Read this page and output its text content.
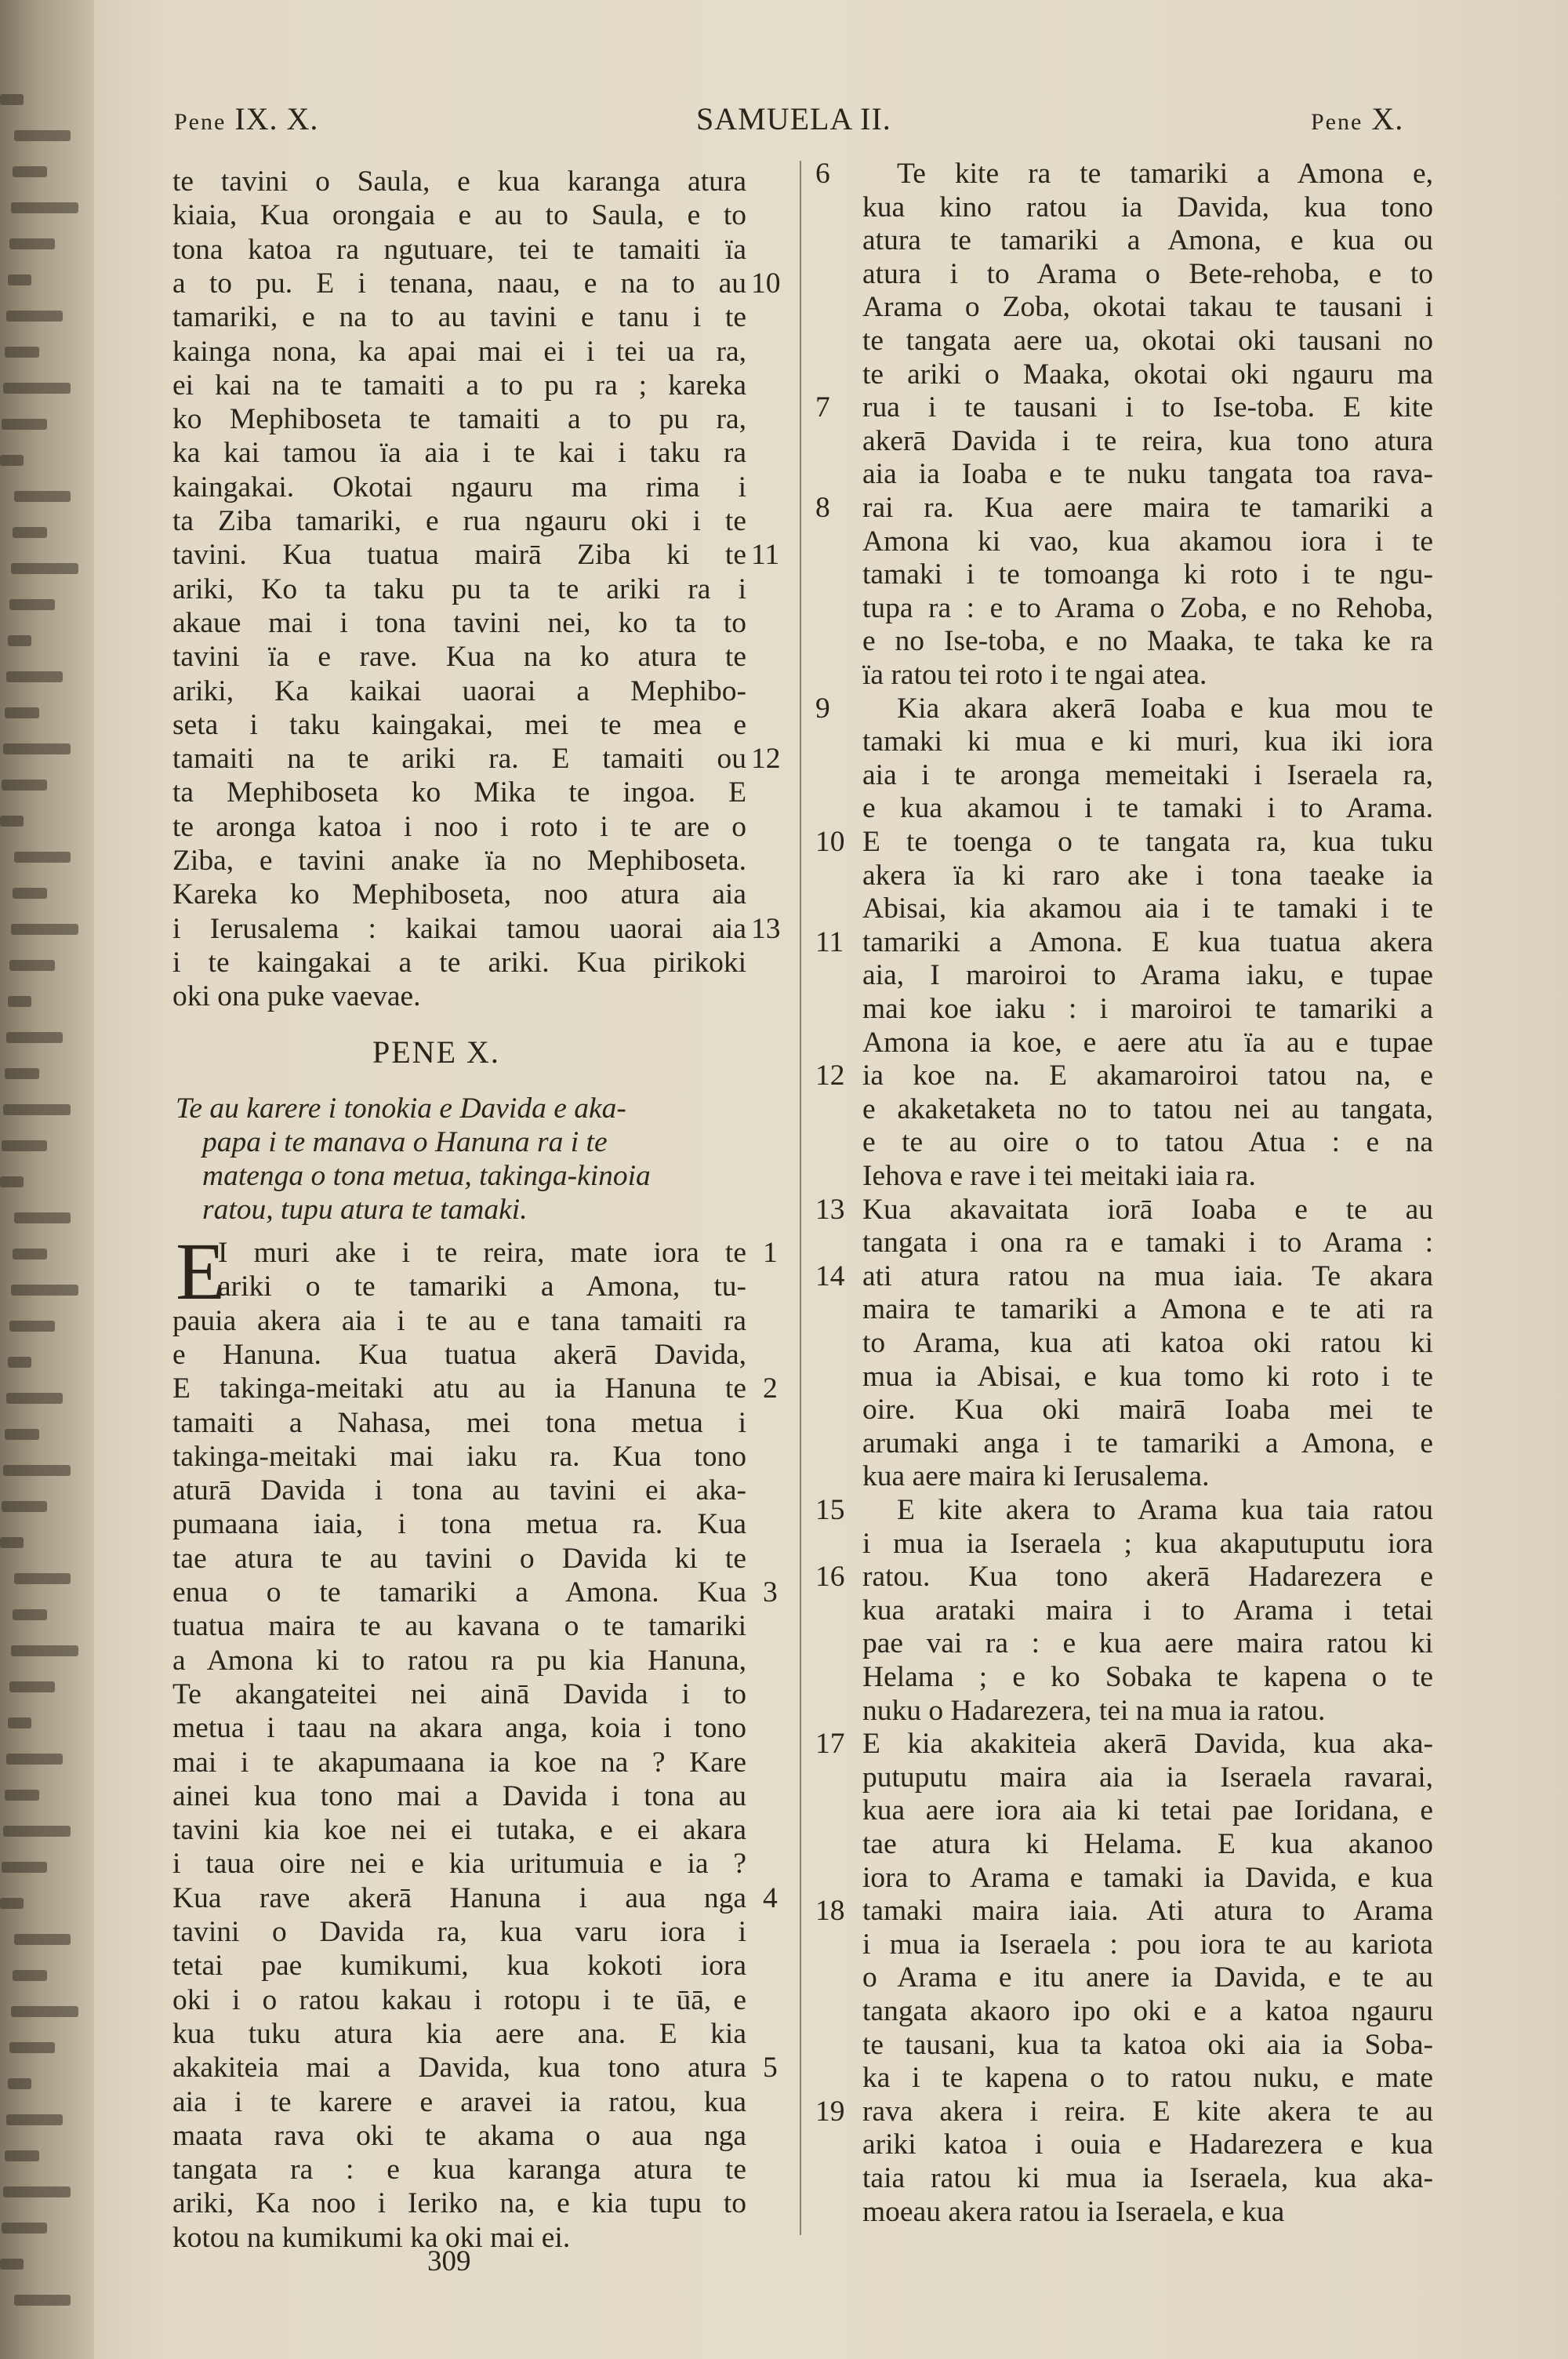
Pene IX. X.	SAMUELA II.	Pene X.
te tavini o Saula, e kua karanga atura
kiaia, Kua orongaia e au to Saula, e to
tona katoa ra ngutuare, tei te tamaiti ïa
a to pu. E i tenana, naau, e na to au
tamariki, e na to au tavini e tanu i te
kainga nona, ka apai mai ei i tei ua ra,
ei kai na te tamaiti a to pu ra ; kareka
ko Mephiboseta te tamaiti a to pu ra,
ka kai tamou ïa aia i te kai i taku ra
kaingakai. Okotai ngauru ma rima i
ta Ziba tamariki, e rua ngauru oki i te
tavini. Kua tuatua mairā Ziba ki te
ariki, Ko ta taku pu ta te ariki ra i
akaue mai i tona tavini nei, ko ta to
tavini ïa e rave. Kua na ko atura te
ariki, Ka kaikai uaorai a Mephibo-
seta i taku kaingakai, mei te mea e
tamaiti na te ariki ra. E tamaiti ou
ta Mephiboseta ko Mika te ingoa. E
te aronga katoa i noo i roto i te are o
Ziba, e tavini anake ïa no Mephiboseta.
Kareka ko Mephiboseta, noo atura aia
i Ierusalema : kaikai tamou uaorai aia
i te kaingakai a te ariki. Kua pirikoki
oki ona puke vaevae.
10
11
12
13
PENE X.
Te au karere i tonokia e Davida e aka-
papa i te manava o Hanuna ra i te
matenga o tona metua, takinga-kinoia
ratou, tupu atura te tamaki.
E
I muri ake i te reira, mate iora te
ariki o te tamariki a Amona, tu-
pauia akera aia i te au e tana tamaiti ra
e Hanuna. Kua tuatua akerā Davida,
E takinga-meitaki atu au ia Hanuna te
tamaiti a Nahasa, mei tona metua i
takinga-meitaki mai iaku ra. Kua tono
aturā Davida i tona au tavini ei aka-
pumaana iaia, i tona metua ra. Kua
tae atura te au tavini o Davida ki te
enua o te tamariki a Amona. Kua
tuatua maira te au kavana o te tamariki
a Amona ki to ratou ra pu kia Hanuna,
Te akangateitei nei ainā Davida i to
metua i taau na akara anga, koia i tono
mai i te akapumaana ia koe na ? Kare
ainei kua tono mai a Davida i tona au
tavini kia koe nei ei tutaka, e ei akara
i taua oire nei e kia uritumuia e ia ?
Kua rave akerā Hanuna i aua nga
tavini o Davida ra, kua varu iora i
tetai pae kumikumi, kua kokoti iora
oki i o ratou kakau i rotopu i te ūā, e
kua tuku atura kia aere ana. E kia
akakiteia mai a Davida, kua tono atura
aia i te karere e aravei ia ratou, kua
maata rava oki te akama o aua nga
tangata ra : e kua karanga atura te
ariki, Ka noo i Ieriko na, e kia tupu to
kotou na kumikumi ka oki mai ei.
1
2
3
4
5
Te kite ra te tamariki a Amona e,
kua kino ratou ia Davida, kua tono
atura te tamariki a Amona, e kua ou
atura i to Arama o Bete-rehoba, e to
Arama o Zoba, okotai takau te tausani i
te tangata aere ua, okotai oki tausani no
te ariki o Maaka, okotai oki ngauru ma
rua i te tausani i to Ise-toba. E kite
akerā Davida i te reira, kua tono atura
aia ia Ioaba e te nuku tangata toa rava-
rai ra. Kua aere maira te tamariki a
Amona ki vao, kua akamou iora i te
tamaki i te tomoanga ki roto i te ngu-
tupa ra : e to Arama o Zoba, e no Rehoba,
e no Ise-toba, e no Maaka, te taka ke ra
ïa ratou tei roto i te ngai atea.
Kia akara akerā Ioaba e kua mou te
tamaki ki mua e ki muri, kua iki iora
aia i te aronga memeitaki i Iseraela ra,
e kua akamou i te tamaki i to Arama.
E te toenga o te tangata ra, kua tuku
akera ïa ki raro ake i tona taeake ia
Abisai, kia akamou aia i te tamaki i te
tamariki a Amona. E kua tuatua akera
aia, I maroiroi to Arama iaku, e tupae
mai koe iaku : i maroiroi te tamariki a
Amona ia koe, e aere atu ïa au e tupae
ia koe na. E akamaroiroi tatou na, e
e akaketaketa no to tatou nei au tangata,
e te au oire o to tatou Atua : e na
Iehova e rave i tei meitaki iaia ra.
Kua akavaitata iorā Ioaba e te au
tangata i ona ra e tamaki i to Arama :
ati atura ratou na mua iaia. Te akara
maira te tamariki a Amona e te ati ra
to Arama, kua ati katoa oki ratou ki
mua ia Abisai, e kua tomo ki roto i te
oire. Kua oki mairā Ioaba mei te
arumaki anga i te tamariki a Amona, e
kua aere maira ki Ierusalema.
E kite akera to Arama kua taia ratou
i mua ia Iseraela ; kua akaputuputu iora
ratou. Kua tono akerā Hadarezera e
kua arataki maira i to Arama i tetai
pae vai ra : e kua aere maira ratou ki
Helama ; e ko Sobaka te kapena o te
nuku o Hadarezera, tei na mua ia ratou.
E kia akakiteia akerā Davida, kua aka-
putuputu maira aia ia Iseraela ravarai,
kua aere iora aia ki tetai pae Ioridana, e
tae atura ki Helama. E kua akanoo
iora to Arama e tamaki ia Davida, e kua
tamaki maira iaia. Ati atura to Arama
i mua ia Iseraela : pou iora te au kariota
o Arama e itu anere ia Davida, e te au
tangata akaoro ipo oki e a katoa ngauru
te tausani, kua ta katoa oki aia ia Soba-
ka i te kapena o to ratou nuku, e mate
rava akera i reira. E kite akera te au
ariki katoa i ouia e Hadarezera e kua
taia ratou ki mua ia Iseraela, kua aka-
moeau akera ratou ia Iseraela, e kua
6
7
8
9
10
11
12
13
14
15
16
17
18
19
309
